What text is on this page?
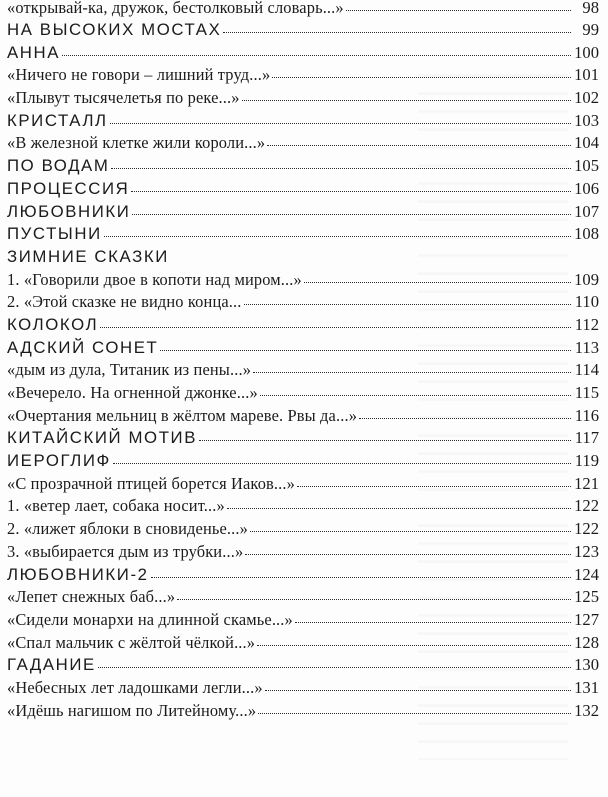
«открывай-ка, дружок, бестолковый словарь...»	98
НА ВЫСОКИХ МОСТАХ	99
АННА	100
«Ничего не говори – лишний труд...»	101
«Плывут тысячелетья по реке...»	102
КРИСТАЛЛ	103
«В железной клетке жили короли...»	104
ПО ВОДАМ	105
ПРОЦЕССИЯ	106
ЛЮБОВНИКИ	107
ПУСТЫНИ	108
ЗИМНИЕ СКАЗКИ
1. «Говорили двое в копоти над миром...»	109
2. «Этой сказке не видно конца...	110
КОЛОКОЛ	112
АДСКИЙ СОНЕТ	113
«дым из дула, Титаник из пены...»	114
«Вечерело. На огненной джонке...»	115
«Очертания мельниц в жёлтом мареве. Рвы да...»	116
КИТАЙСКИЙ МОТИВ	117
ИЕРОГЛИФ	119
«С прозрачной птицей борется Иаков...»	121
1. «ветер лает, собака носит...»	122
2. «лижет яблоки в сновиденье...»	122
3. «выбирается дым из трубки...»	123
ЛЮБОВНИКИ-2	124
«Лепет снежных баб...»	125
«Сидели монархи на длинной скамье...»	127
«Спал мальчик с жёлтой чёлкой...»	128
ГАДАНИЕ	130
«Небесных лет ладошками легли...»	131
«Идёшь нагишом по Литейному...»	132
